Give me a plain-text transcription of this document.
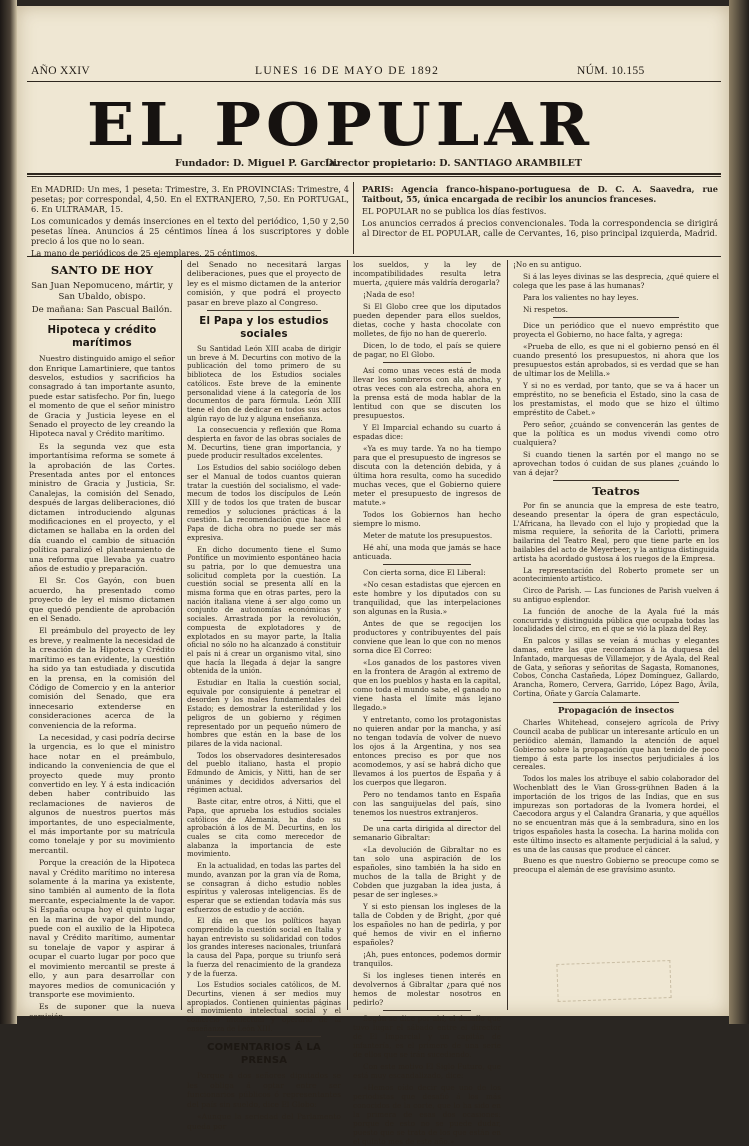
AÑO XXIV	LUNES 16 DE MAYO DE 1892	NÚM. 10.155
EL POPULAR
Fundador: D. Miguel P. García.
Director propietario: D. SANTIAGO ARAMBILET

En MADRID: Un mes, 1 peseta: Trimestre, 3. En PROVINCIAS: Trimestre, 4 pesetas; por correspondal, 4,50. En el EXTRANJERO, 7,50. En PORTUGAL, 6. En ULTRAMAR, 15.

Los comunicados y demás inserciones en el texto del periódico, 1,50 y 2,50 pesetas línea. Anuncios á 25 céntimos línea á los suscriptores y doble precio á los que no lo sean.

La mano de periódicos de 25 ejemplares, 25 céntimos.

PARIS: Agencia franco-hispano-portuguesa de D. C. A. Saavedra, rue Taitbout, 55, única encargada de recibir los anuncios franceses.

EL POPULAR no se publica los días festivos.

Los anuncios cerrados á precios convencionales. Toda la correspondencia se dirigirá al Director de EL POPULAR, calle de Cervantes, 16, piso principal izquierda, Madrid.

SANTO DE HOY

San Juan Nepomuceno, mártir, y San Ubaldo, obispo.

De mañana: San Pascual Bailón.

Hipoteca y crédito marítimos

Nuestro distinguido amigo el señor don Enrique Lamartiniere, que tantos desvelos, estudios y sacrificios ha consagrado á tan importante asunto, puede estar satisfecho. Por fin, luego el momento de que el señor ministro de Gracia y Justicia leyese en el Senado el proyecto de ley creando la Hipoteca naval y Crédito marítimo.

Es la segunda vez que esta importantísima reforma se somete á la aprobación de las Cortes. Presentada antes por el entonces ministro de Gracia y Justicia, Sr. Canalejas, la comisión del Senado, después de largas deliberaciones, dió dictamen introduciendo algunas modificaciones en el proyecto, y el dictamen se hallaba en la orden del día cuando el cambio de situación política paralizó el planteamiento de una reforma que llevaba ya cuatro años de estudio y preparación.

El Sr. Cos Gayón, con buen acuerdo, ha presentado como proyecto de ley el mismo dictamen que quedó pendiente de aprobación en el Senado.

El preámbulo del proyecto de ley es breve, y realmente la necesidad de la creación de la Hipoteca y Crédito marítimo es tan evidente, la cuestión ha sido ya tan estudiada y discutida en la prensa, en la comisión del Código de Comercio y en la anterior comisión del Senado, que era innecesario extenderse en consideraciones acerca de la conveniencia de la reforma.

La necesidad, y casi podría decirse la urgencia, es lo que el ministro hace notar en el preámbulo, indicando la conveniencia de que el proyecto quede muy pronto convertido en ley. Y á esta indicación deben haber contribuido las reclamaciones de navieros de algunos de nuestros puertos más importantes, de uno especialmente, el más importante por su matrícula como tonelaje y por su movimiento mercantil.

Porque la creación de la Hipoteca naval y Crédito marítimo no interesa solamente á la marina ya existente, sino también al aumento de la flota mercante, especialmente la de vapor. Si España ocupa hoy el quinto lugar en la marina de vapor del mundo, puede con el auxilio de la Hipoteca naval y Crédito marítimo, aumentar su tonelaje de vapor y aspirar á ocupar el cuarto lugar por poco que el movimiento mercantil se preste á ello, y aun para desarrollar con mayores medios de comunicación y transporte ese movimiento.

Es de suponer que la nueva comisión

del Senado no necesitará largas deliberaciones, pues que el proyecto de ley es el mismo dictamen de la anterior comisión, y que podrá el proyecto pasar en breve plazo al Congreso.

El Papa y los estudios sociales

Su Santidad León XIII acaba de dirigir un breve á M. Decurtins con motivo de la publicación del tomo primero de su biblioteca de los Estudios sociales católicos. Este breve de la eminente personalidad viene á la categoría de los documentos de para fórmula. León XIII tiene el don de dedicar en todos sus actos algún rayo de luz y alguna enseñanza.

La consecuencia y reflexión que Roma despierta en favor de las obras sociales de M. Decurtins, tiene gran importancia, y puede producir resultados excelentes.

Los Estudios del sabio sociólogo deben ser el Manual de todos cuantos quieran tratar la cuestión del socialismo, el vade-mecum de todos los discípulos de León XIII y de todos los que traten de buscar remedios y soluciones prácticas á la cuestión. La recomendación que hace el Papa de dicha obra no puede ser más expresiva.

En dicho documento tiene el Sumo Pontífice un movimiento espontáneo hacia su patria, por lo que demuestra una solicitud completa por la cuestión. La cuestión social se presenta allí en la misma forma que en otras partes, pero la nación italiana viene á ser algo como un conjunto de autonomías económicas y sociales. Arrastrada por la revolución, compuesta de explotadores y de explotados en su mayor parte, la Italia oficial no sólo no ha alcanzado á constituir el país ni á crear un organismo vital, sino que hacía la llegada á dejar la sangre obtenida de la unión.

Estudiar en Italia la cuestión social, equivale por consiguiente á penetrar el desorden y los males fundamentales del Estado; es demostrar la esterilidad y los peligros de un gobierno y régimen representado por un pequeño número de hombres que están en la base de los pilares de la vida nacional.

Todos los observadores desinteresados del pueblo italiano, hasta el propio Edmundo de Amicis, y Nitti, han de ser unánimes y decididos adversarios del régimen actual.

Baste citar, entre otros, á Nitti, que el Papa, que aprueba los estudios sociales católicos de Alemania, ha dado su aprobación á los de M. Decurtins, en los cuales se cita como merecedor de alabanza la importancia de este movimiento.

En la actualidad, en todas las partes del mundo, avanzan por la gran vía de Roma, se consagran á dicho estudio nobles espíritus y valerosas inteligencias. Es de esperar que se extiendan todavía más sus esfuerzos de estudio y de acción.

El día en que los políticos hayan comprendido la cuestión social en Italia y hayan entrevisto su solidaridad con todos los grandes intereses nacionales, triunfará la causa del Papa, porque su triunfo será la fuerza del renacimiento de la grandeza y de la fuerza.

Los Estudios sociales católicos, de M. Decurtins, vienen á ser medios muy apropiados. Contienen quinientas páginas el movimiento intelectual social y el comercio intelectual y operario de la enseñanza de León XIII.

COMENTARIOS Á LA PRENSA

Porque á dos señores diputados se les obliga á optar entre ser funcionarios públicos ó representantes del país sin sueldo, dice El Globo:

«Aunque la seriedad del Parlamento queda por

los sueldos, y la ley de incompatibilidades resulta letra muerta, ¿quiere más valdría derogarla?

¡Nada de eso!

Si El Globo cree que los diputados pueden depender para ellos sueldos, dietas, coche y hasta chocolate con molletes, de fijo no han de quererlo.

Dicen, lo de todo, el país se quiere de pagar, no El Globo.

Así como unas veces está de moda llevar los sombreros con ala ancha, y otras veces con ala estrecha, ahora en la prensa está de moda hablar de la lentitud con que se discuten los presupuestos.

Y El Imparcial echando su cuarto á espadas dice:

«Ya es muy tarde. Ya no ha tiempo para que el presupuesto de ingresos se discuta con la detención debida, y á última hora resulta, como ha sucedido muchas veces, que el Gobierno quiere meter el presupuesto de ingresos de matute.»

Todos los Gobiernos han hecho siempre lo mismo.

Meter de matute los presupuestos.

Hé ahí, una moda que jamás se hace anticuada.

Con cierta sorna, dice El Liberal:

«No cesan estadistas que ejercen en este hombre y los diputados con su tranquilidad, que las interpelaciones son algunas en la Rusia.»

Antes de que se regocijen los productores y contribuyentes del país conviene que lean lo que con no menos sorna dice El Correo:

«Los ganados de los pastores viven en la frontera de Aragón al extremo de que en los pueblos y hasta en la capital, como toda el mundo sabe, el ganado no viene hasta el límite más lejano llegado.»

Y entretanto, como los protagonistas no quieren andar por la mancha, y así no tengan todavía de volver de nuevo los ojos á la Argentina, y nos sea entonces preciso es por que nos acomodemos, y así se habrá dicho que llevamos á los puertos de España y á los cuerpos que llegaron.

Pero no tendamos tanto en España con las sanguijuelas del país, sino tenemos los nuestros extranjeros.

De una carta dirigida al director del semanario Gibraltar:

«La devolución de Gibraltar no es tan solo una aspiración de los españoles, sino también la ha sido en muchos de la talla de Bright y de Cobden que juzgaban la idea justa, á pesar de ser ingleses.»

Y si esto piensan los ingleses de la talla de Cobden y de Bright, ¿por qué los españoles no han de pedirla, y por qué hemos de vivir en el infierno españoles?

¡Ah, pues entonces, podemos dormir tranquilos.

Si los ingleses tienen interés en devolvernos á Gibraltar ¿para qué nos hemos de molestar nosotros en pedirlo?

Según se dice por ahí, el desafío que tuvo lugar el sábado entre el director de El Imparcial y un capitán de infantería, es el primero de una serie de ellos que se irán sucediendo.

Con este motivo El Siglo Futuro, que está muy escandalizado, dice:

«Hemos oído decir que uno de los periodistas que desafió á los más conocidos de la corte, que lo ha sido en la primera de esas dos ocasiones: porque de esto no se puede dudar, puesto que se trata de los que están en el quinto mes de este año.»

¡No en su antiguo.

Si á las leyes divinas se las desprecia, ¿qué quiere el colega que les pase á las humanas?

Para los valientes no hay leyes.

Ni respetos.

Dice un periódico que el nuevo empréstito que proyecta el Gobierno, no hace falta, y agrega:

«Prueba de ello, es que ni el gobierno pensó en él cuando presentó los presupuestos, ni ahora que los presupuestos están aprobados, si es verdad que se han de ultimar los de Melilla.»

Y si no es verdad, por tanto, que se va á hacer un empréstito, no se beneficia el Estado, sino la casa de los prestamistas, el modo que se hizo el último empréstito de Cabet.»

Pero señor, ¿cuándo se convencerán las gentes de que la política es un modus vivendi como otro cualquiera?

Si cuando tienen la sartén por el mango no se aprovechan todos ó cuidan de sus planes ¿cuándo lo van á dejar?

Teatros

Por fin se anuncia que la empresa de este teatro, deseando presentar la ópera de gran espectáculo, L'Africana, ha llevado con el lujo y propiedad que la misma requiere, la señorita de la Carlotti, primera bailarina del Teatro Real, pero que tiene parte en los bailables del acto de Meyerbeer, y la antigua distinguida artista ha acordado gustosa á los ruegos de la Empresa.

La representación del Roberto promete ser un acontecimiento artístico.

Circo de Parish. — Las funciones de Parish vuelven á su antiguo esplendor.

La función de anoche de la Ayala fué la más concurrida y distinguida pública que ocupaba todas las localidades del circo, en el que se vió la plaza del Rey.

En palcos y sillas se veían á muchas y elegantes damas, entre las que recordamos á la duquesa del Infantado, marquesas de Villamejor, y de Ayala, del Real de Gata, y señoras y señoritas de Sagasta, Romanones, Cobos, Concha Castañeda, López Domínguez, Gallardo, Arancha, Romero, Cervera, Garrido, López Bago, Ávila, Cortina, Oñate y García Calamarte.

Propagación de insectos

Charles Whitehead, consejero agrícola de Privy Council acaba de publicar un interesante artículo en un periódico alemán, llamando la atención de aquel Gobierno sobre la propagación que han tenido de poco tiempo á esta parte los insectos perjudiciales á los cereales.

Todos los males los atribuye el sabio colaborador del Wochenblatt des le Vian Gross-grühnen Baden á la importación de los trigos de las Indias, que en sus impurezas son portadoras de la Ivomera hordei, el Caecodora argus y el Calandra Granaria, y que aquéllos no se encuentran más que á la sembradura, sino en los trigos españoles hasta la cosecha. La harina molida con este último insecto es altamente perjudicial á la salud, y es una de las causas que produce el cáncer.

Bueno es que nuestro Gobierno se preocupe como se preocupa el alemán de ese gravísimo asunto.
